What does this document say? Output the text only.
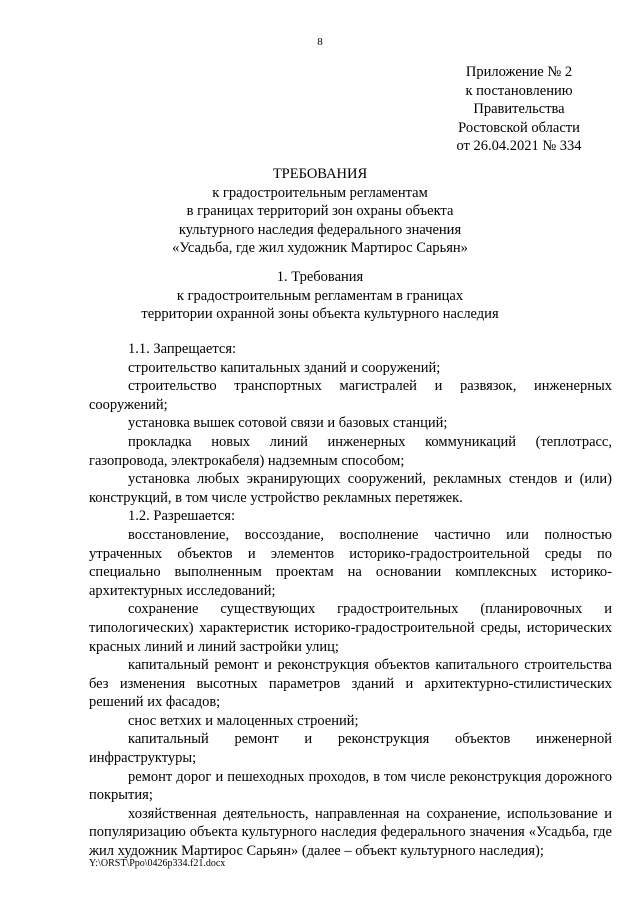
8
Приложение № 2
к постановлению
Правительства
Ростовской области
от 26.04.2021 № 334
ТРЕБОВАНИЯ
к градостроительным регламентам
в границах территорий зон охраны объекта
культурного наследия федерального значения
«Усадьба, где жил художник Мартирос Сарьян»
1. Требования
к градостроительным регламентам в границах
территории охранной зоны объекта культурного наследия

1.1. Запрещается:

строительство капитальных зданий и сооружений;

строительство транспортных магистралей и развязок, инженерных сооружений;

установка вышек сотовой связи и базовых станций;

прокладка новых линий инженерных коммуникаций (теплотрасс, газопровода, электрокабеля) надземным способом;

установка любых экранирующих сооружений, рекламных стендов и (или) конструкций, в том числе устройство рекламных перетяжек.

1.2. Разрешается:

восстановление, воссоздание, восполнение частично или полностью утраченных объектов и элементов историко-градостроительной среды по специально выполненным проектам на основании комплексных историко-архитектурных исследований;

сохранение существующих градостроительных (планировочных и типологических) характеристик историко-градостроительной среды, исторических красных линий и линий застройки улиц;

капитальный ремонт и реконструкция объектов капитального строительства без изменения высотных параметров зданий и архитектурно-стилистических решений их фасадов;

снос ветхих и малоценных строений;

капитальный ремонт и реконструкция объектов инженерной инфраструктуры;

ремонт дорог и пешеходных проходов, в том числе реконструкция дорожного покрытия;

хозяйственная деятельность, направленная на сохранение, использование и популяризацию объекта культурного наследия федерального значения «Усадьба, где жил художник Мартирос Сарьян» (далее – объект культурного наследия);

Y:\ORST\Ppo\0426p334.f21.docx
